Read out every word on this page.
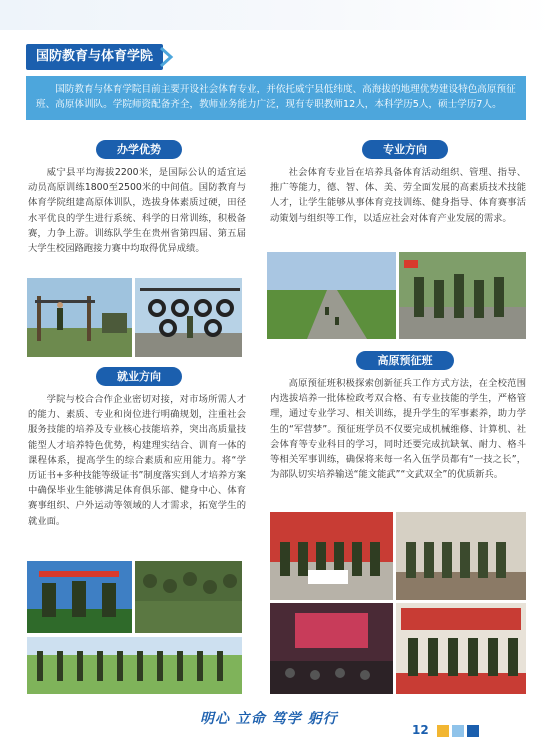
国防教育与体育学院
国防教育与体育学院目前主要开设社会体育专业，并依托威宁县低纬度、高海拔的地理优势建设特色高原预征班、高原体训队。学院师资配备齐全，教师业务能力广泛，现有专职教师12人，本科学历5人，硕士学历7人。
办学优势

威宁县平均海拔2200米，是国际公认的适宜运动员高原训练1800至2500米的中间值。国防教育与体育学院组建高原体训队，选拔身体素质过硬，田径水平优良的学生进行系统、科学的日常训练，积极备赛，力争上游。训练队学生在贵州省第四届、第五届大学生校园路跑接力赛中均取得优异成绩。

就业方向

学院与校合合作企业密切对接，对市场所需人才的能力、素质、专业和岗位进行明确规划，注重社会服务技能的培养及专业核心技能培养，突出高质量技能型人才培养特色优势，构建理实结合、训育一体的课程体系，提高学生的综合素质和应用能力。将“学历证书+多种技能等级证书”制度落实到人才培养方案中确保毕业生能够满足体育俱乐部、健身中心、体育赛事组织、户外运动等领域的人才需求，拓宽学生的就业面。

专业方向

社会体育专业旨在培养具备体育活动组织、管理、指导、推广等能力，德、智、体、美、劳全面发展的高素质技术技能人才，让学生能够从事体育竞技训练、健身指导、体育赛事活动策划与组织等工作，以适应社会对体育产业发展的需求。

高原预征班

高原预征班积极探索创新征兵工作方式方法，在全校范围内选拔培养一批体检政考双合格、有专业技能的学生，严格管理，通过专业学习、相关训练，提升学生的军事素养，助力学生的“军营梦”。预征班学员不仅要完成机械维修、计算机、社会体育等专业科目的学习，同时还要完成抗缺氧、耐力、格斗等相关军事训练，确保将来每一名入伍学员都有“一技之长”，为部队切实培养输送“能文能武”“文武双全”的优质新兵。

明心 立命 笃学 躬行
12
